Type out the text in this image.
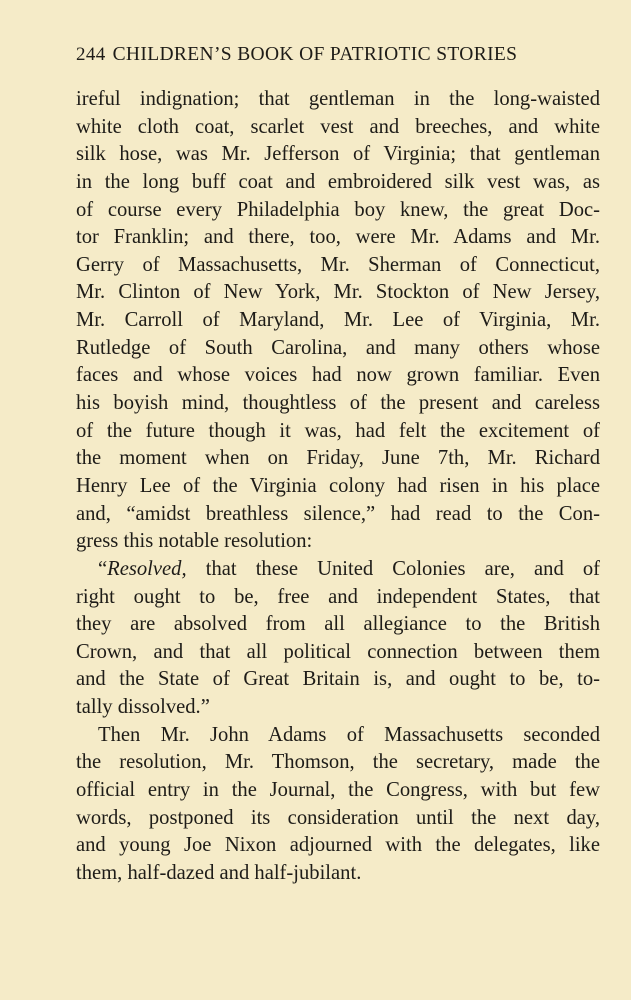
244 CHILDREN’S BOOK OF PATRIOTIC STORIES
ireful indignation; that gentleman in the long-waisted
white cloth coat, scarlet vest and breeches, and white
silk hose, was Mr. Jefferson of Virginia; that gentleman
in the long buff coat and embroidered silk vest was, as
of course every Philadelphia boy knew, the great Doc-
tor Franklin; and there, too, were Mr. Adams and Mr.
Gerry of Massachusetts, Mr. Sherman of Connecticut,
Mr. Clinton of New York, Mr. Stockton of New Jersey,
Mr. Carroll of Maryland, Mr. Lee of Virginia, Mr.
Rutledge of South Carolina, and many others whose
faces and whose voices had now grown familiar. Even
his boyish mind, thoughtless of the present and careless
of the future though it was, had felt the excitement of
the moment when on Friday, June 7th, Mr. Richard
Henry Lee of the Virginia colony had risen in his place
and, “amidst breathless silence,” had read to the Con-
gress this notable resolution:
“Resolved, that these United Colonies are, and of
right ought to be, free and independent States, that
they are absolved from all allegiance to the British
Crown, and that all political connection between them
and the State of Great Britain is, and ought to be, to-
tally dissolved.”
Then Mr. John Adams of Massachusetts seconded
the resolution, Mr. Thomson, the secretary, made the
official entry in the Journal, the Congress, with but few
words, postponed its consideration until the next day,
and young Joe Nixon adjourned with the delegates, like
them, half-dazed and half-jubilant.
